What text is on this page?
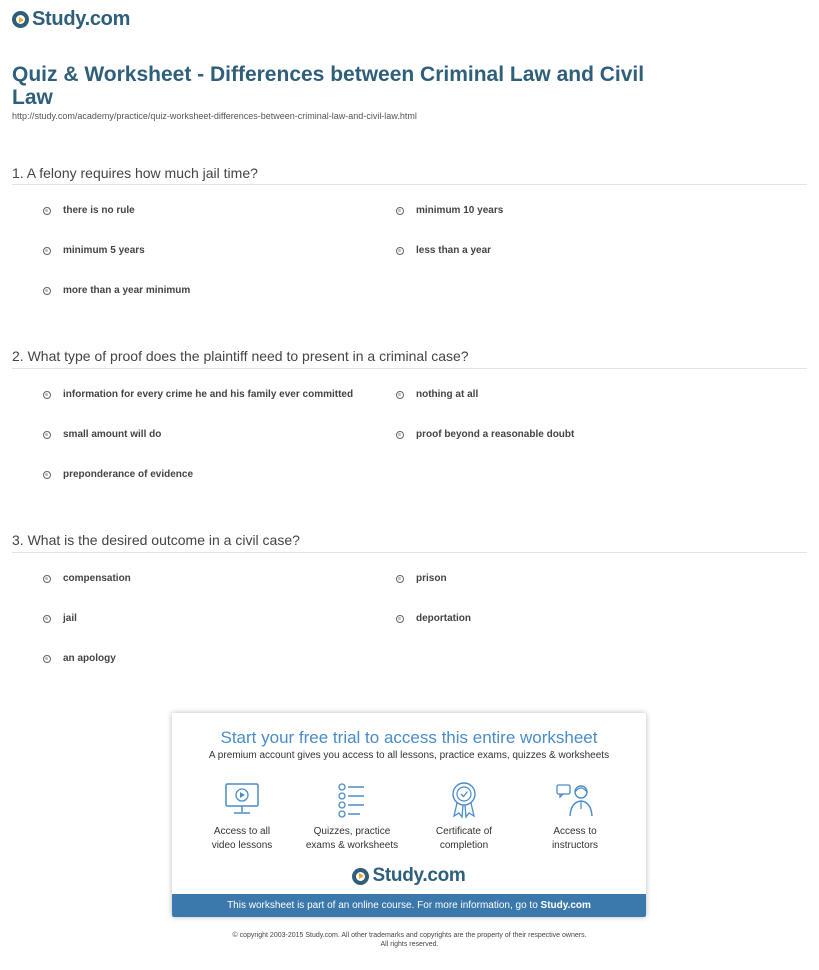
Study.com
Quiz & Worksheet - Differences between Criminal Law and Civil Law
http://study.com/academy/practice/quiz-worksheet-differences-between-criminal-law-and-civil-law.html
1. A felony requires how much jail time?
there is no rule	minimum 10 years
minimum 5 years	less than a year
more than a year minimum
2. What type of proof does the plaintiff need to present in a criminal case?
information for every crime he and his family ever committed	nothing at all
small amount will do	proof beyond a reasonable doubt
preponderance of evidence
3. What is the desired outcome in a civil case?
compensation	prison
jail	deportation
an apology
Start your free trial to access this entire worksheet
A premium account gives you access to all lessons, practice exams, quizzes & worksheets
Access to all
video lessons
Quizzes, practice
exams & worksheets
Certificate of
completion
Access to
instructors
Study.com
This worksheet is part of an online course. For more information, go to Study.com
© copyright 2003-2015 Study.com. All other trademarks and copyrights are the property of their respective owners.
All rights reserved.
